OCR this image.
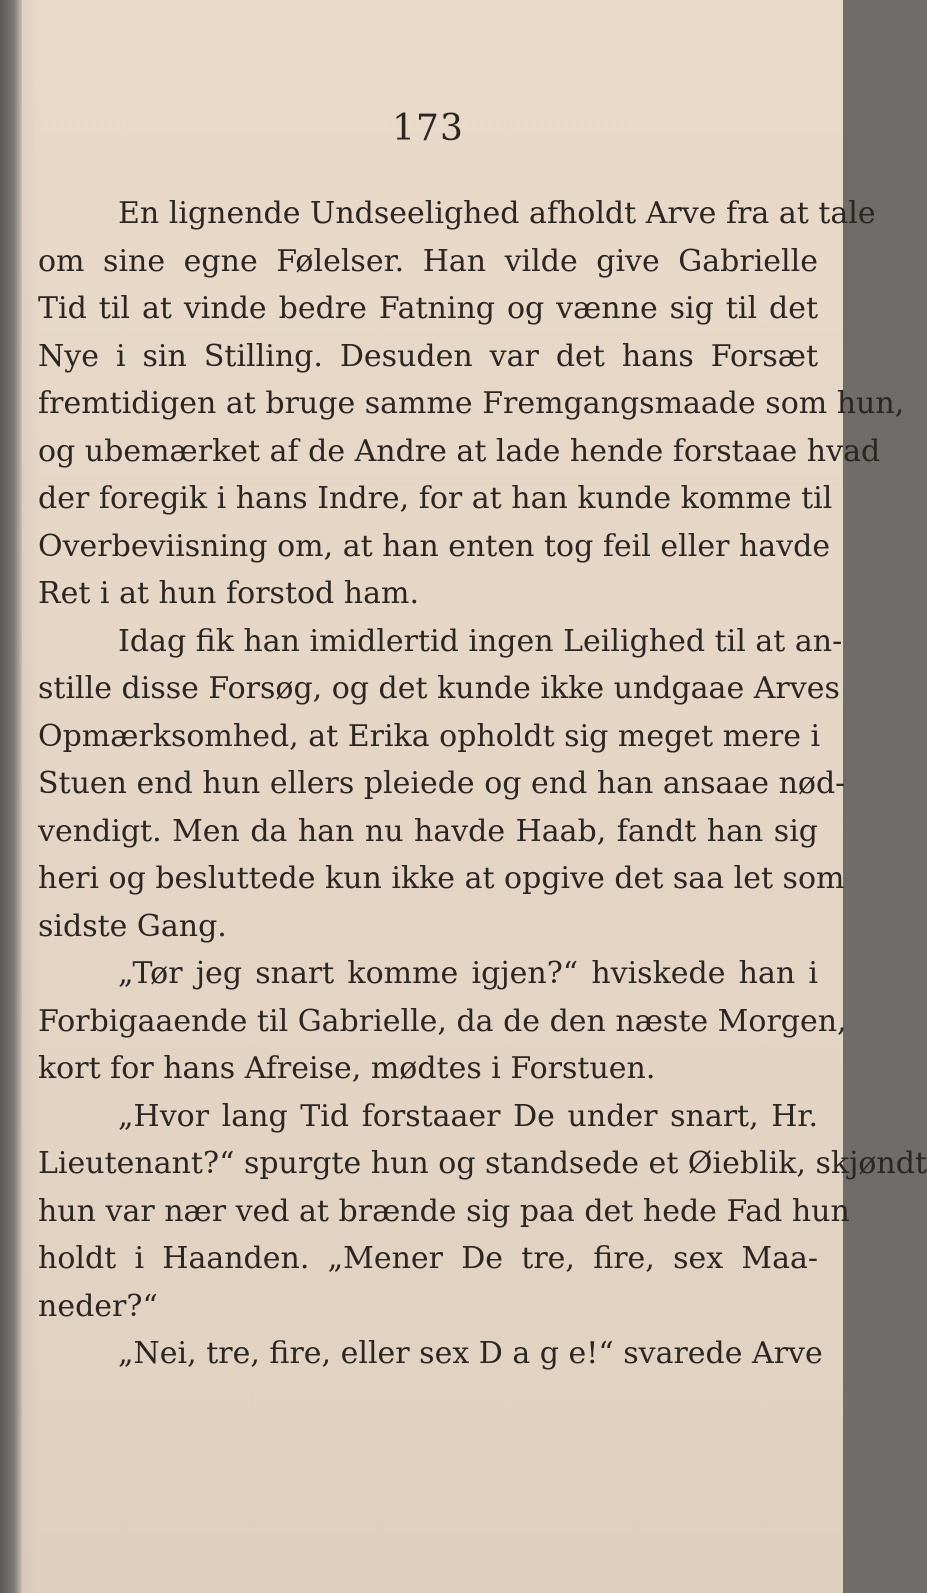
173
En lignende Undseelighed afholdt Arve fra at tale
om sine egne Følelser. Han vilde give Gabrielle
Tid til at vinde bedre Fatning og vænne sig til det
Nye i sin Stilling. Desuden var det hans Forsæt
fremtidigen at bruge samme Fremgangsmaade som hun,
og ubemærket af de Andre at lade hende forstaae hvad
der foregik i hans Indre, for at han kunde komme til
Overbeviisning om, at han enten tog feil eller havde
Ret i at hun forstod ham.
Idag fik han imidlertid ingen Leilighed til at an-
stille disse Forsøg, og det kunde ikke undgaae Arves
Opmærksomhed, at Erika opholdt sig meget mere i
Stuen end hun ellers pleiede og end han ansaae nød-
vendigt. Men da han nu havde Haab, fandt han sig
heri og besluttede kun ikke at opgive det saa let som
sidste Gang.
„Tør jeg snart komme igjen?“ hviskede han i
Forbigaaende til Gabrielle, da de den næste Morgen,
kort for hans Afreise, mødtes i Forstuen.
„Hvor lang Tid forstaaer De under snart, Hr.
Lieutenant?“ spurgte hun og standsede et Øieblik, skjøndt
hun var nær ved at brænde sig paa det hede Fad hun
holdt i Haanden. „Mener De tre, fire, sex Maa-
neder?“
„Nei, tre, fire, eller sex D a g e!“ svarede Arve
